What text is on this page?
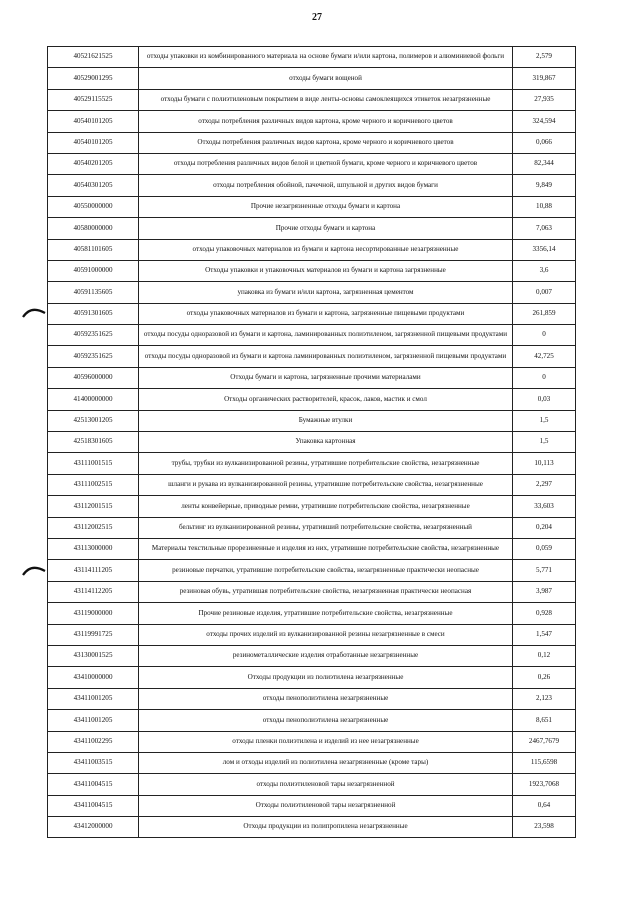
27
40521621525	отходы упаковки из комбинированного материала на основе бумаги и/или картона, полимеров и алюминиевой фольги	2,579
40529001295	отходы бумаги вощеной	319,867
40529115525	отходы бумаги с полиэтиленовым покрытием в виде ленты-основы самоклеящихся этикеток незагрязненные	27,935
40540101205	отходы потребления различных видов картона, кроме черного и коричневого цветов	324,594
40540101205	Отходы потребления различных видов картона, кроме черного и коричневого цветов	0,066
40540201205	отходы потребления различных видов белой и цветной бумаги, кроме черного и коричневого цветов	82,344
40540301205	отходы потребления обойной, пачечной, шпульной и других видов бумаги	9,849
40550000000	Прочие незагрязненные отходы бумаги и картона	10,88
40580000000	Прочие отходы бумаги и картона	7,063
40581101605	отходы упаковочных материалов из бумаги и картона несортированные незагрязненные	3356,14
40591000000	Отходы упаковки и упаковочных материалов из бумаги и картона загрязненные	3,6
40591135605	упаковка из бумаги и/или картона, загрязненная цементом	0,007
40591301605	отходы упаковочных материалов из бумаги и картона, загрязненные пищевыми продуктами	261,859
40592351625	отходы посуды одноразовой из бумаги и картона, ламинированных полиэтиленом, загрязненной пищевыми продуктами	0
40592351625	отходы посуды одноразовой из бумаги и картона ламинированных полиэтиленом, загрязненной пищевыми продуктами	42,725
40596000000	Отходы бумаги и картона, загрязненные прочими материалами	0
41400000000	Отходы органических растворителей, красок, лаков, мастик и смол	0,03
42513001205	Бумажные втулки	1,5
42518301605	Упаковка картонная	1,5
43111001515	трубы, трубки из вулканизированной резины, утратившие потребительские свойства, незагрязненные	10,113
43111002515	шланги и рукава из вулканизированной резины, утратившие потребительские свойства, незагрязненные	2,297
43112001515	ленты конвейерные, приводные ремни, утратившие потребительские свойства, незагрязненные	33,603
43112002515	бельтинг из вулканизированной резины, утративший потребительские свойства, незагрязненный	0,204
43113000000	Материалы текстильные прорезиненные и изделия из них, утратившие потребительские свойства, незагрязненные	0,059
43114111205	резиновые перчатки, утратившие потребительские свойства, незагрязненные практически неопасные	5,771
43114112205	резиновая обувь, утратившая потребительские свойства, незагрязненная практически неопасная	3,987
43119000000	Прочие резиновые изделия, утратившие потребительские свойства, незагрязненные	0,928
43119991725	отходы прочих изделий из вулканизированной резины незагрязненные в смеси	1,547
43130001525	резинометаллические изделия отработанные незагрязненные	0,12
43410000000	Отходы продукции из полиэтилена незагрязненные	0,26
43411001205	отходы пенополиэтилена незагрязненные	2,123
43411001205	отходы пенополиэтилена незагрязненные	8,651
43411002295	отходы пленки полиэтилена и изделий из нее незагрязненные	2467,7679
43411003515	лом и отходы изделий из полиэтилена незагрязненные (кроме тары)	115,6598
43411004515	отходы полиэтиленовой тары незагрязненной	1923,7068
43411004515	Отходы полиэтиленовой тары незагрязненной	0,64
43412000000	Отходы продукции из полипропилена незагрязненные	23,598
